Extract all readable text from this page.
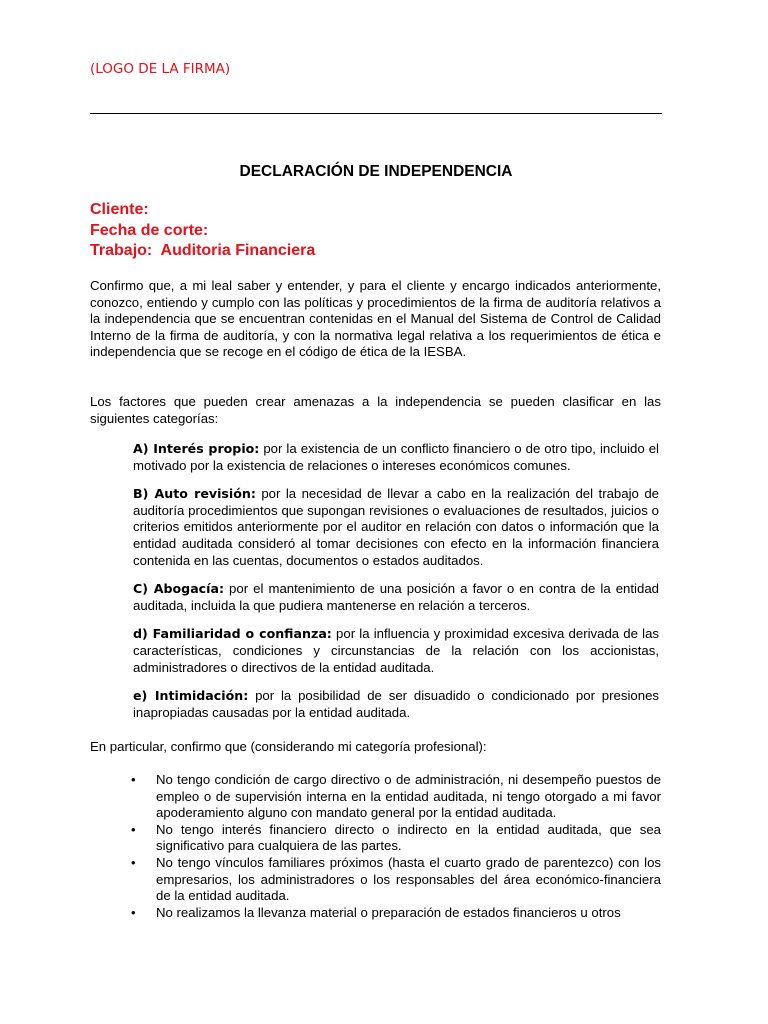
(LOGO DE LA FIRMA)
DECLARACIÓN DE INDEPENDENCIA
Cliente:
Fecha de corte:
Trabajo:  Auditoria Financiera
Confirmo que, a mi leal saber y entender, y para el cliente y encargo indicados anteriormente, conozco, entiendo y cumplo con las políticas y procedimientos de la firma de auditoría relativos a la independencia que se encuentran contenidas en el Manual del Sistema de Control de Calidad Interno de la firma de auditoría, y con la normativa legal relativa a los requerimientos de ética e independencia que se recoge en el código de ética de la IESBA.
Los factores que pueden crear amenazas a la independencia se pueden clasificar en las siguientes categorías:
A) Interés propio: por la existencia de un conflicto financiero o de otro tipo, incluido el motivado por la existencia de relaciones o intereses económicos comunes.
B) Auto revisión: por la necesidad de llevar a cabo en la realización del trabajo de auditoría procedimientos que supongan revisiones o evaluaciones de resultados, juicios o criterios emitidos anteriormente por el auditor en relación con datos o información que la entidad auditada consideró al tomar decisiones con efecto en la información financiera contenida en las cuentas, documentos o estados auditados.
C) Abogacía: por el mantenimiento de una posición a favor o en contra de la entidad auditada, incluida la que pudiera mantenerse en relación a terceros.
d) Familiaridad o confianza: por la influencia y proximidad excesiva derivada de las características, condiciones y circunstancias de la relación con los accionistas, administradores o directivos de la entidad auditada.
e) Intimidación: por la posibilidad de ser disuadido o condicionado por presiones inapropiadas causadas por la entidad auditada.
En particular, confirmo que (considerando mi categoría profesional):
•	No tengo condición de cargo directivo o de administración, ni desempeño puestos de empleo o de supervisión interna en la entidad auditada, ni tengo otorgado a mi favor apoderamiento alguno con mandato general por la entidad auditada.
•	No tengo interés financiero directo o indirecto en la entidad auditada, que sea significativo para cualquiera de las partes.
•	No tengo vínculos familiares próximos (hasta el cuarto grado de parentezco) con los empresarios, los administradores o los responsables del área económico-financiera de la entidad auditada.
•	No realizamos la llevanza material o preparación de estados financieros u otros
